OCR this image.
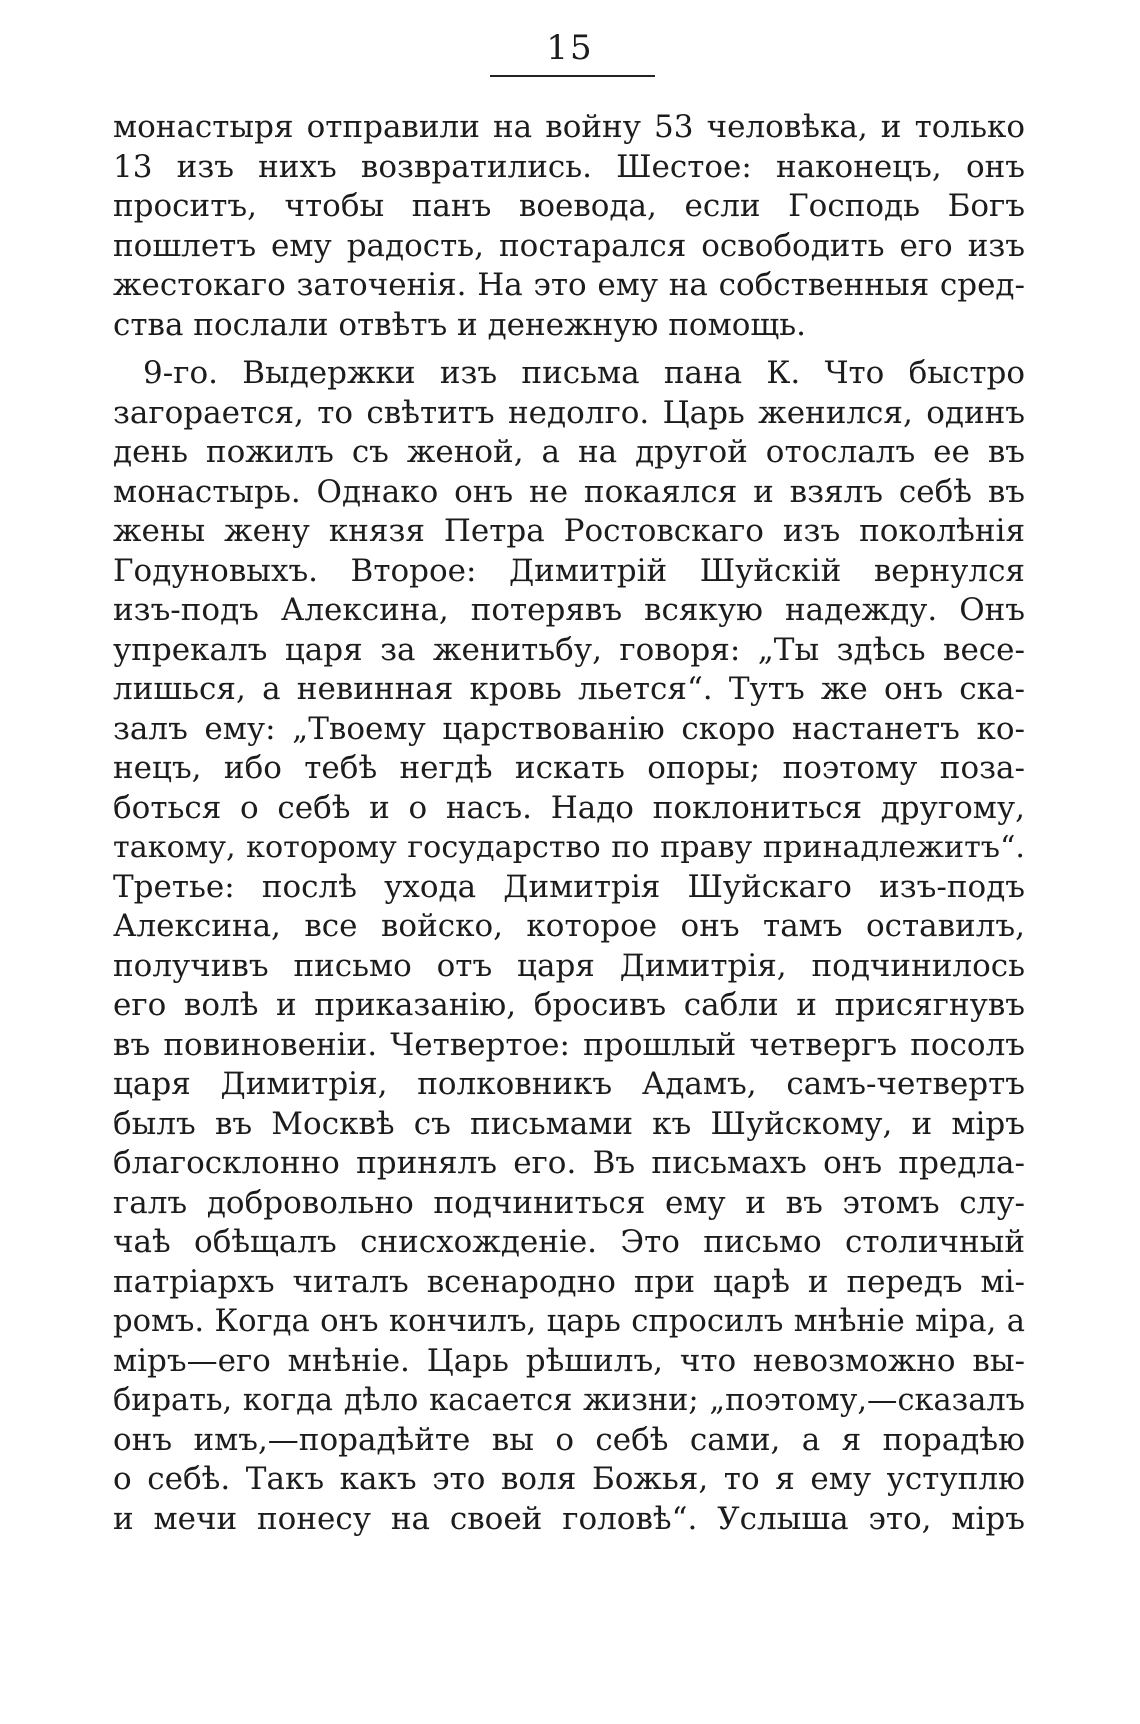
15
монастыря отправили на войну 53 человѣка, и только
13 изъ нихъ возвратились. Шестое: наконецъ, онъ
проситъ, чтобы панъ воевода, если Господь Богъ
пошлетъ ему радость, постарался освободить его изъ
жестокаго заточенія. На это ему на собственныя сред-
ства послали отвѣтъ и денежную помощь.
9-го. Выдержки изъ письма пана К. Что быстро
загорается, то свѣтитъ недолго. Царь женился, одинъ
день пожилъ съ женой, а на другой отослалъ ее въ
монастырь. Однако онъ не покаялся и взялъ себѣ въ
жены жену князя Петра Ростовскаго изъ поколѣнія
Годуновыхъ. Второе: Димитрій Шуйскій вернулся
изъ-подъ Алексина, потерявъ всякую надежду. Онъ
упрекалъ царя за женитьбу, говоря: „Ты здѣсь весе-
лишься, а невинная кровь льется“. Тутъ же онъ ска-
залъ ему: „Твоему царствованію скоро настанетъ ко-
нецъ, ибо тебѣ негдѣ искать опоры; поэтому поза-
боться о себѣ и о насъ. Надо поклониться другому,
такому, которому государство по праву принадлежитъ“.
Третье: послѣ ухода Димитрія Шуйскаго изъ-подъ
Алексина, все войско, которое онъ тамъ оставилъ,
получивъ письмо отъ царя Димитрія, подчинилось
его волѣ и приказанію, бросивъ сабли и присягнувъ
въ повиновеніи. Четвертое: прошлый четвергъ посолъ
царя Димитрія, полковникъ Адамъ, самъ-четвертъ
былъ въ Москвѣ съ письмами къ Шуйскому, и міръ
благосклонно принялъ его. Въ письмахъ онъ предла-
галъ добровольно подчиниться ему и въ этомъ слу-
чаѣ обѣщалъ снисхожденіе. Это письмо столичный
патріархъ читалъ всенародно при царѣ и передъ мі-
ромъ. Когда онъ кончилъ, царь спросилъ мнѣніе міра, а
міръ—его мнѣніе. Царь рѣшилъ, что невозможно вы-
бирать, когда дѣло касается жизни; „поэтому,—сказалъ
онъ имъ,—порадѣйте вы о себѣ сами, а я порадѣю
о себѣ. Такъ какъ это воля Божья, то я ему уступлю
и мечи понесу на своей головѣ“. Услыша это, міръ
